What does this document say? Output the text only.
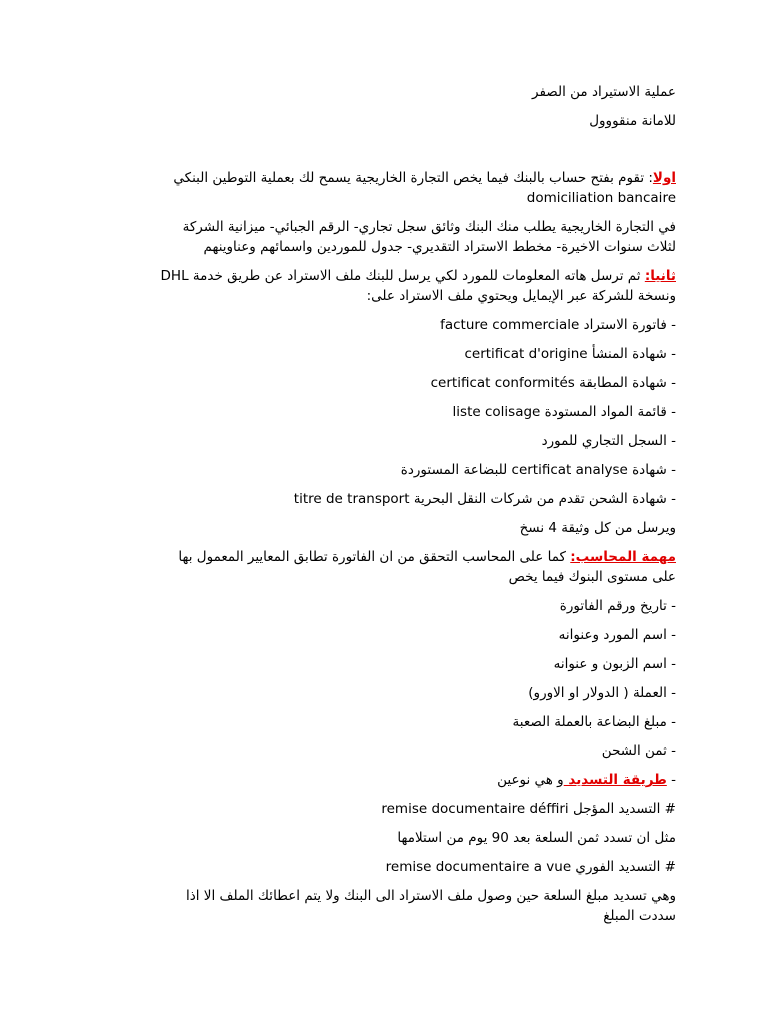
عملية الاستيراد من الصفر

للامانة منقووول

اولا: تقوم بفتح حساب بالبنك فيما يخص التجارة الخاريجية يسمح لك بعملية التوطين البنكي
domiciliation bancaire

في التجارة الخاريجية يطلب منك البنك وثائق سجل تجاري- الرقم الجبائي- ميزانية الشركة
لثلاث سنوات الاخيرة- مخطط الاستراد التقديري- جدول للموردين واسمائهم وعناوينهم

ثانيا: ثم ترسل هاته المعلومات للمورد لكي يرسل للبنك ملف الاستراد عن طريق خدمة DHL
ونسخة للشركة عبر الإيمايل ويحتوي ملف الاستراد على:

- فاتورة الاستراد facture commerciale

- شهادة المنشأ certificat d'origine

- شهادة المطابقة certificat conformités

- قائمة المواد المستودة liste colisage

- السجل التجاري للمورد

- شهادة certificat analyse للبضاعة المستوردة

- شهادة الشحن تقدم من شركات النقل البحرية titre de transport

ويرسل من كل وثيقة 4 نسخ

مهمة المحاسب: كما على المحاسب التحقق من ان الفاتورة تطابق المعايير المعمول بها
على مستوى البنوك فيما يخص

- تاريخ ورقم الفاتورة

- اسم المورد وعنوانه

- اسم الزبون و عنوانه

- العملة ( الدولار او الاورو)

- مبلغ البضاعة بالعملة الصعبة

- ثمن الشحن

- طريقة التسديد و هي نوعين

# التسديد المؤجل remise documentaire déffiri

مثل ان تسدد ثمن السلعة بعد 90 يوم من استلامها

# التسديد الفوري remise documentaire a vue

وهي تسديد مبلغ السلعة حين وصول ملف الاستراد الى البنك ولا يتم اعطائك الملف الا اذا
سددت المبلغ
